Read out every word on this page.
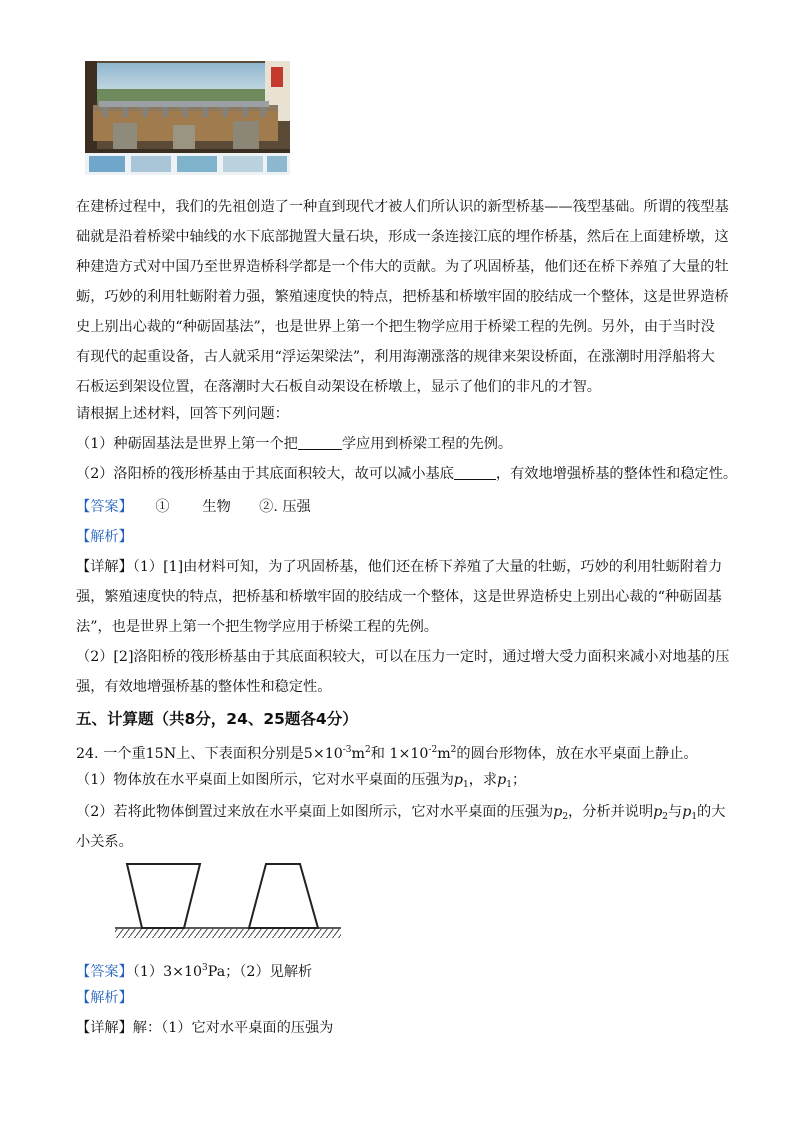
在建桥过程中，我们的先祖创造了一种直到现代才被人们所认识的新型桥基——筏型基础。所谓的筏型基
础就是沿着桥梁中轴线的水下底部抛置大量石块，形成一条连接江底的埋作桥基，然后在上面建桥墩，这
种建造方式对中国乃至世界造桥科学都是一个伟大的贡献。为了巩固桥基，他们还在桥下养殖了大量的牡
蛎，巧妙的利用牡蛎附着力强，繁殖速度快的特点，把桥基和桥墩牢固的胶结成一个整体，这是世界造桥
史上别出心裁的“种砺固基法”，也是世界上第一个把生物学应用于桥梁工程的先例。另外，由于当时没
有现代的起重设备，古人就采用“浮运架梁法”，利用海潮涨落的规律来架设桥面，在涨潮时用浮船将大
石板运到架设位置，在落潮时大石板自动架设在桥墩上，显示了他们的非凡的才智。
请根据上述材料，回答下列问题：
（1）种砺固基法是世界上第一个把	学应用到桥梁工程的先例。
（2）洛阳桥的筏形桥基由于其底面积较大，故可以减小基底	，有效地增强桥基的整体性和稳定性。
【答案】 ①　　 生物　　②. 压强
【解析】
【详解】（1）[1]由材料可知，为了巩固桥基，他们还在桥下养殖了大量的牡蛎，巧妙的利用牡蛎附着力
强，繁殖速度快的特点，把桥基和桥墩牢固的胶结成一个整体，这是世界造桥史上别出心裁的“种砺固基
法”，也是世界上第一个把生物学应用于桥梁工程的先例。
（2）[2]洛阳桥的筏形桥基由于其底面积较大，可以在压力一定时，通过增大受力面积来减小对地基的压
强，有效地增强桥基的整体性和稳定性。
五、计算题（共8分，24、25题各4分）
24. 一个重15N上、下表面积分别是$5\times 10^{-3}m^2$和 $1\times 10^{-2}m^2$的圆台形物体，放在水平桌面上静止。
（1）物体放在水平桌面上如图所示，它对水平桌面的压强为$p_1$，求$p_1$；
（2）若将此物体倒置过来放在水平桌面上如图所示，它对水平桌面的压强为$p_2$，分析并说明$p_2$与$p_1$的大
小关系。
【答案】$(1)3\times 10^3Pa$；（2）见解析
【解析】
【详解】解：（1）它对水平桌面的压强为
